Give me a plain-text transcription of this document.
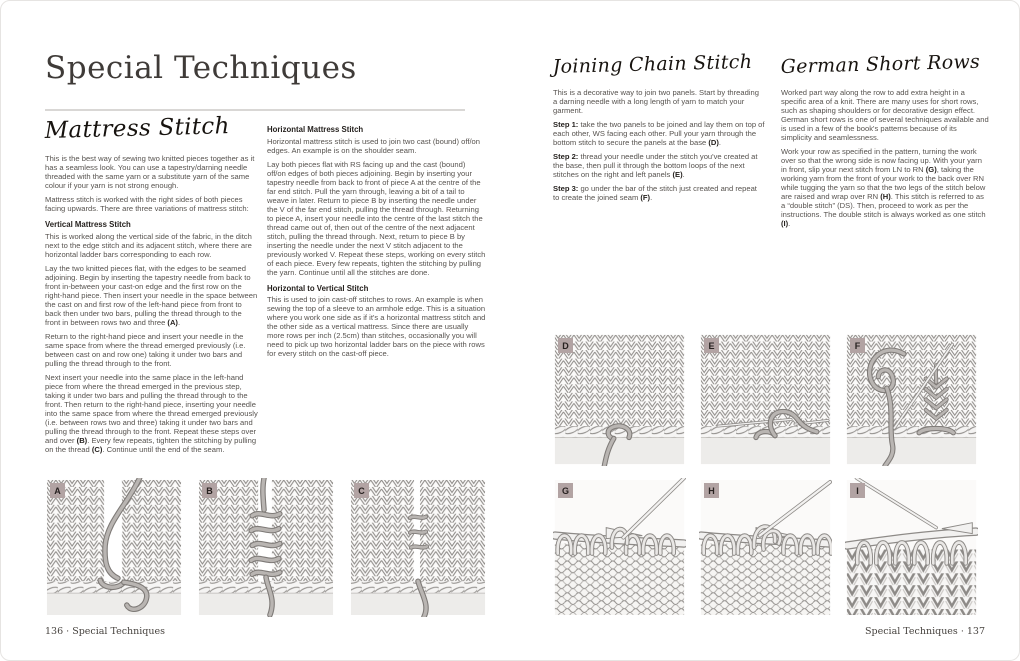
Special Techniques
Mattress Stitch

This is the best way of sewing two knitted pieces together as it has a seamless look. You can use a tapestry/darning needle threaded with the same yarn or a substitute yarn of the same colour if your yarn is not strong enough.

Mattress stitch is worked with the right sides of both pieces facing upwards. There are three variations of mattress stitch:

Vertical Mattress Stitch

This is worked along the vertical side of the fabric, in the ditch next to the edge stitch and its adjacent stitch, where there are horizontal ladder bars corresponding to each row.

Lay the two knitted pieces flat, with the edges to be seamed adjoining. Begin by inserting the tapestry needle from back to front in-between your cast-on edge and the first row on the right-hand piece. Then insert your needle in the space between the cast on and first row of the left-hand piece from front to back then under two bars, pulling the thread through to the front in between rows two and three (A).

Return to the right-hand piece and insert your needle in the same space from where the thread emerged previously (i.e. between cast on and row one) taking it under two bars and pulling the thread through to the front.

Next insert your needle into the same place in the left-hand piece from where the thread emerged in the previous step, taking it under two bars and pulling the thread through to the front. Then return to the right-hand piece, inserting your needle into the same space from where the thread emerged previously (i.e. between rows two and three) taking it under two bars and pulling the thread through to the front. Repeat these steps over and over (B). Every few repeats, tighten the stitching by pulling on the thread (C). Continue until the end of the seam.

Horizontal Mattress Stitch

Horizontal mattress stitch is used to join two cast (bound) off/on edges. An example is on the shoulder seam.

Lay both pieces flat with RS facing up and the cast (bound) off/on edges of both pieces adjoining. Begin by inserting your tapestry needle from back to front of piece A at the centre of the far end stitch. Pull the yarn through, leaving a bit of a tail to weave in later. Return to piece B by inserting the needle under the V of the far end stitch, pulling the thread through. Returning to piece A, insert your needle into the centre of the last stitch the thread came out of, then out of the centre of the next adjacent stitch, pulling the thread through. Next, return to piece B by inserting the needle under the next V stitch adjacent to the previously worked V. Repeat these steps, working on every stitch of each piece. Every few repeats, tighten the stitching by pulling the yarn. Continue until all the stitches are done.

Horizontal to Vertical Stitch

This is used to join cast-off stitches to rows. An example is when sewing the top of a sleeve to an armhole edge. This is a situation where you work one side as if it's a horizontal mattress stitch and the other side as a vertical mattress. Since there are usually more rows per inch (2.5cm) than stitches, occasionally you will need to pick up two horizontal ladder bars on the piece with rows for every stitch on the cast-off piece.

A	B	C
136 · Special Techniques
Joining Chain Stitch

This is a decorative way to join two panels. Start by threading a darning needle with a long length of yarn to match your garment.

Step 1: take the two panels to be joined and lay them on top of each other, WS facing each other. Pull your yarn through the bottom stitch to secure the panels at the base (D).

Step 2: thread your needle under the stitch you've created at the base, then pull it through the bottom loops of the next stitches on the right and left panels (E).

Step 3: go under the bar of the stitch just created and repeat to create the joined seam (F).

German Short Rows

Worked part way along the row to add extra height in a specific area of a knit. There are many uses for short rows, such as shaping shoulders or for decorative design effect. German short rows is one of several techniques available and is used in a few of the book's patterns because of its simplicity and seamlessness.

Work your row as specified in the pattern, turning the work over so that the wrong side is now facing up. With your yarn in front, slip your next stitch from LN to RN (G), taking the working yarn from the front of your work to the back over RN while tugging the yarn so that the two legs of the stitch below are raised and wrap over RN (H). This stitch is referred to as a “double stitch” (DS). Then, proceed to work as per the instructions. The double stitch is always worked as one stitch (I).

D	E	F
G	H	I
Special Techniques · 137
